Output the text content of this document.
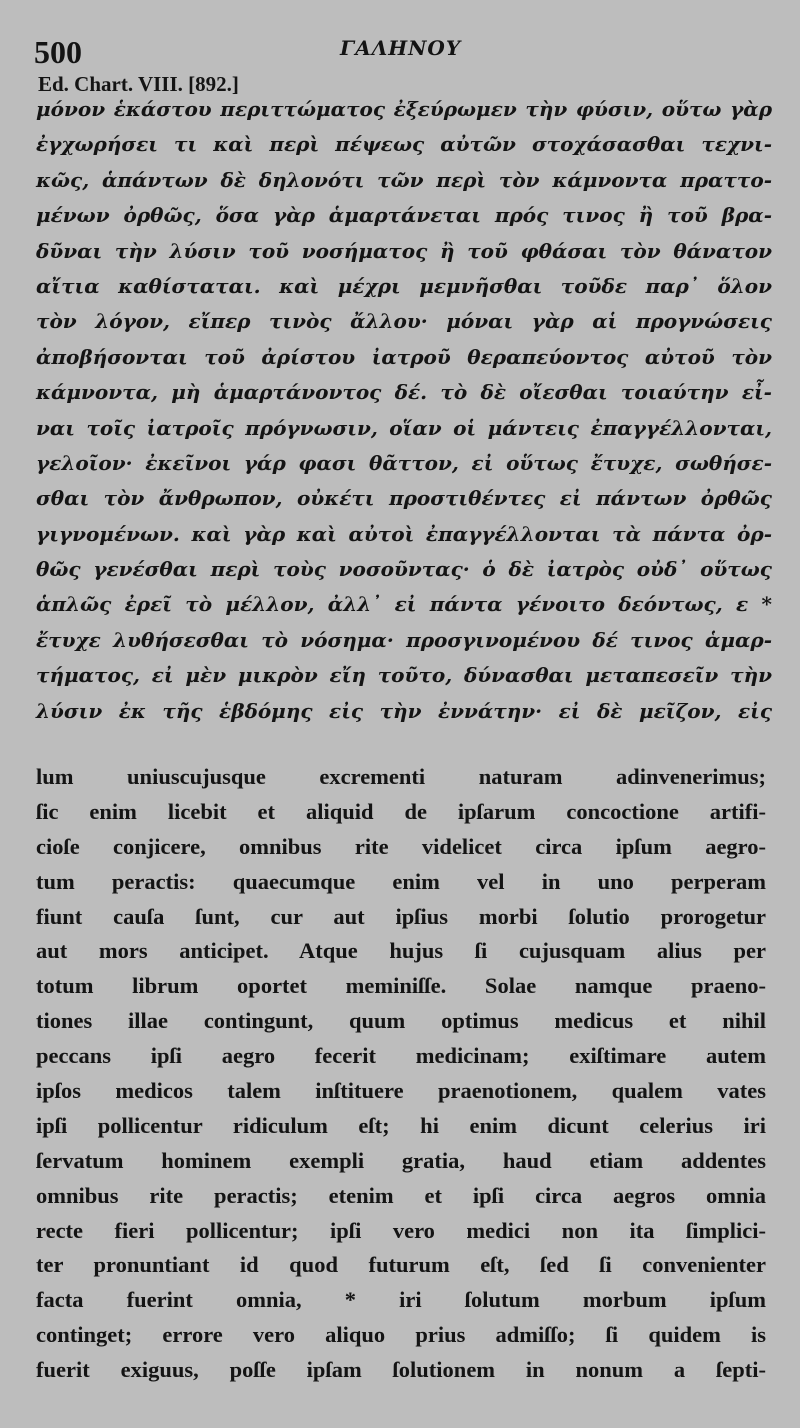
500	ΓΑΛΗΝΟΥ
Ed. Chart. VIII. [892.]
μόνον ἑκάστου περιττώματος ἐξεύρωμεν τὴν φύσιν, οὕτω γὰρ
ἐγχωρήσει τι καὶ περὶ πέψεως αὐτῶν στοχάσασθαι τεχνι-
κῶς, ἁπάντων δὲ δηλονότι τῶν περὶ τὸν κάμνοντα πραττο-
μένων ὀρθῶς, ὅσα γὰρ ἁμαρτάνεται πρός τινος ἢ τοῦ βρα-
δῦναι τὴν λύσιν τοῦ νοσήματος ἢ τοῦ φθάσαι τὸν θάνατον
αἴτια καθίσταται. καὶ μέχρι μεμνῆσθαι τοῦδε παρ᾽ ὅλον
τὸν λόγον, εἴπερ τινὸς ἄλλου· μόναι γὰρ αἱ προγνώσεις
ἀποβήσονται τοῦ ἀρίστου ἰατροῦ θεραπεύοντος αὐτοῦ τὸν
κάμνοντα, μὴ ἁμαρτάνοντος δέ. τὸ δὲ οἴεσθαι τοιαύτην εἶ-
ναι τοῖς ἰατροῖς πρόγνωσιν, οἵαν οἱ μάντεις ἐπαγγέλλονται,
γελοῖον· ἐκεῖνοι γάρ φασι θᾶττον, εἰ οὕτως ἔτυχε, σωθήσε-
σθαι τὸν ἄνθρωπον, οὐκέτι προστιθέντες εἰ πάντων ὀρθῶς
γιγνομένων. καὶ γὰρ καὶ αὐτοὶ ἐπαγγέλλονται τὰ πάντα ὀρ-
θῶς γενέσθαι περὶ τοὺς νοσοῦντας· ὁ δὲ ἰατρὸς οὐδ᾽ οὕτως
ἁπλῶς ἐρεῖ τὸ μέλλον, ἀλλ᾽ εἰ πάντα γένοιτο δεόντως, ε *
ἔτυχε λυθήσεσθαι τὸ νόσημα· προσγινομένου δέ τινος ἁμαρ-
τήματος, εἰ μὲν μικρὸν εἴη τοῦτο, δύνασθαι μεταπεσεῖν τὴν
λύσιν ἐκ τῆς ἑβδόμης εἰς τὴν ἐννάτην· εἰ δὲ μεῖζον, εἰς
lum uniuscujusque excrementi naturam adinvenerimus;
ſic enim licebit et aliquid de ipſarum concoctione artifi-
cioſe conjicere, omnibus rite videlicet circa ipſum aegro-
tum peractis: quaecumque enim vel in uno perperam
fiunt cauſa ſunt, cur aut ipſius morbi ſolutio prorogetur
aut mors anticipet. Atque hujus ſi cujusquam alius per
totum librum oportet meminiſſe. Solae namque praeno-
tiones illae contingunt, quum optimus medicus et nihil
peccans ipſi aegro fecerit medicinam; exiſtimare autem
ipſos medicos talem inſtituere praenotionem, qualem vates
ipſi pollicentur ridiculum eſt; hi enim dicunt celerius iri
ſervatum hominem exempli gratia, haud etiam addentes
omnibus rite peractis; etenim et ipſi circa aegros omnia
recte fieri pollicentur; ipſi vero medici non ita ſimplici-
ter pronuntiant id quod futurum eſt, ſed ſi convenienter
facta fuerint omnia, * iri ſolutum morbum ipſum
continget; errore vero aliquo prius admiſſo; ſi quidem is
fuerit exiguus, poſſe ipſam ſolutionem in nonum a ſepti-
